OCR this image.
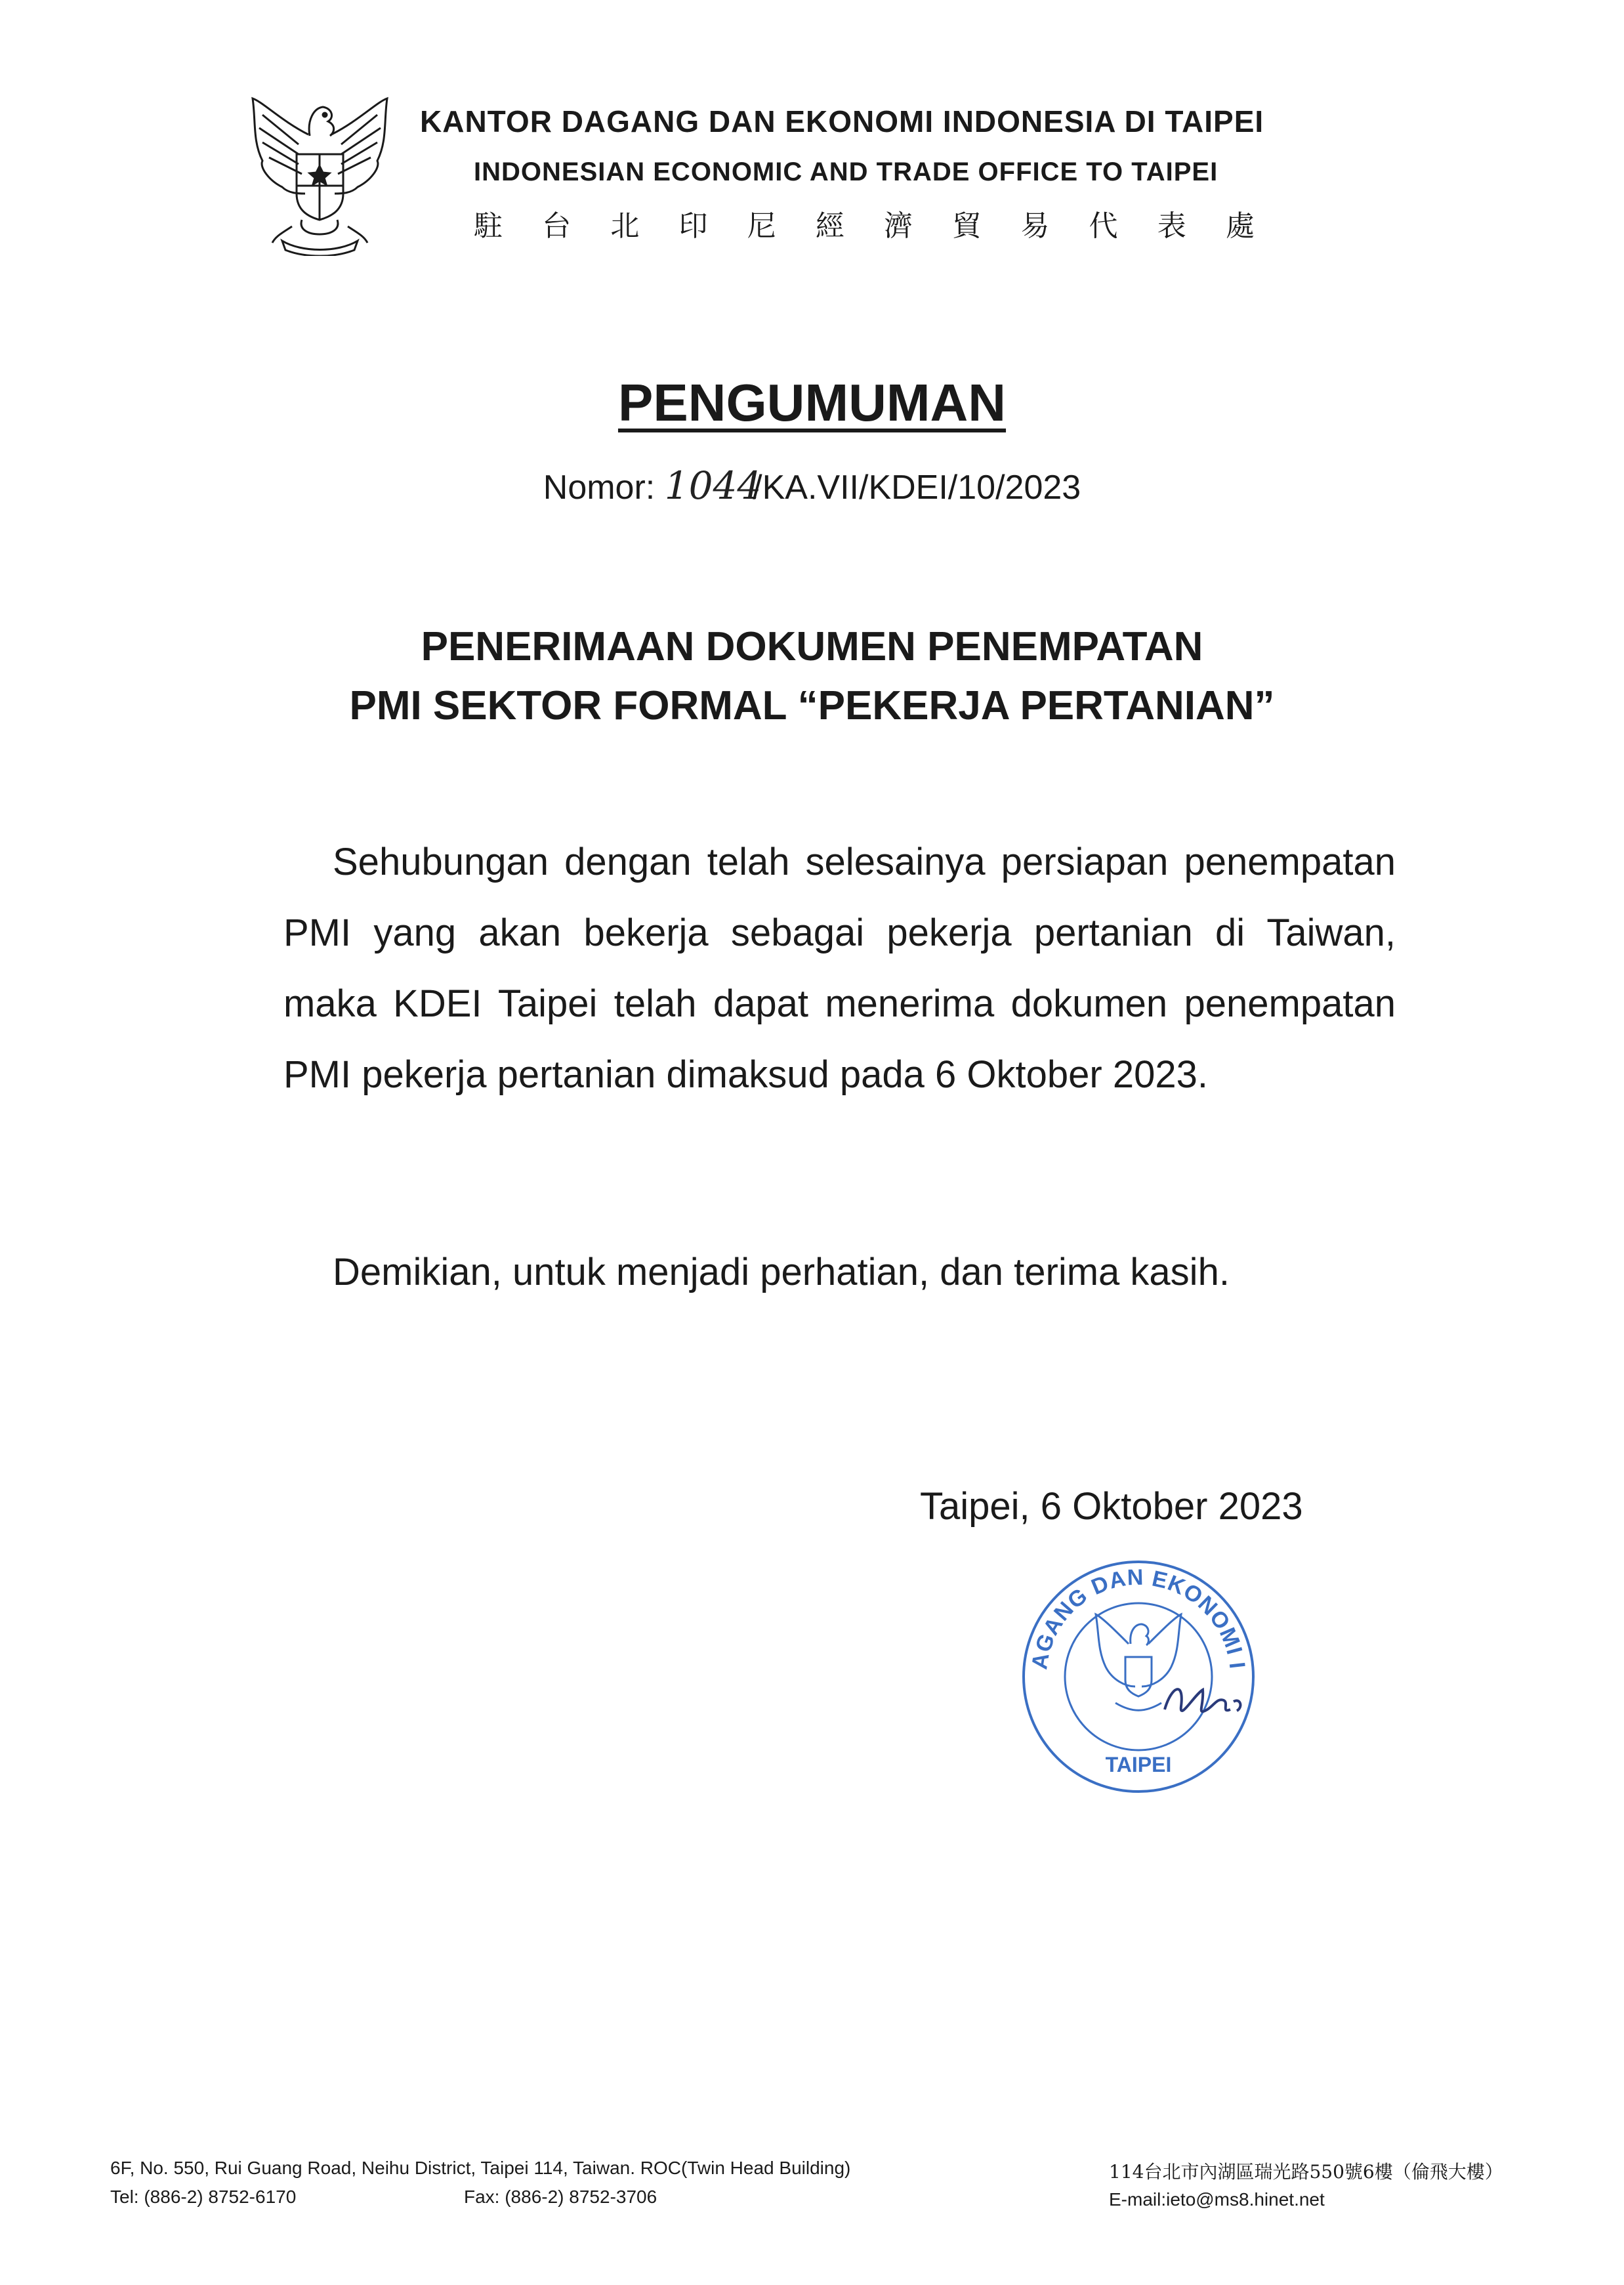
KANTOR DAGANG DAN EKONOMI INDONESIA DI TAIPEI
INDONESIAN ECONOMIC AND TRADE OFFICE TO TAIPEI
駐 台 北 印 尼 經 濟 貿 易 代 表 處
PENGUMUMAN
Nomor: 1044 /KA.VII/KDEI/10/2023
PENERIMAAN DOKUMEN PENEMPATAN
PMI SEKTOR FORMAL “PEKERJA PERTANIAN”
Sehubungan dengan telah selesainya persiapan penempatan PMI yang akan bekerja sebagai pekerja pertanian di Taiwan, maka KDEI Taipei telah dapat menerima dokumen penempatan PMI pekerja pertanian dimaksud pada 6 Oktober 2023.
Demikian, untuk menjadi perhatian, dan terima kasih.
Taipei, 6 Oktober 2023
AGANG DAN EKONOMI I
TAIPEI
6F, No. 550, Rui Guang Road, Neihu District, Taipei 114, Taiwan. ROC(Twin Head Building)
Tel: (886-2) 8752-6170	Fax: (886-2) 8752-3706
114台北市內湖區瑞光路550號6樓（倫飛大樓）
E-mail:ieto@ms8.hinet.net
